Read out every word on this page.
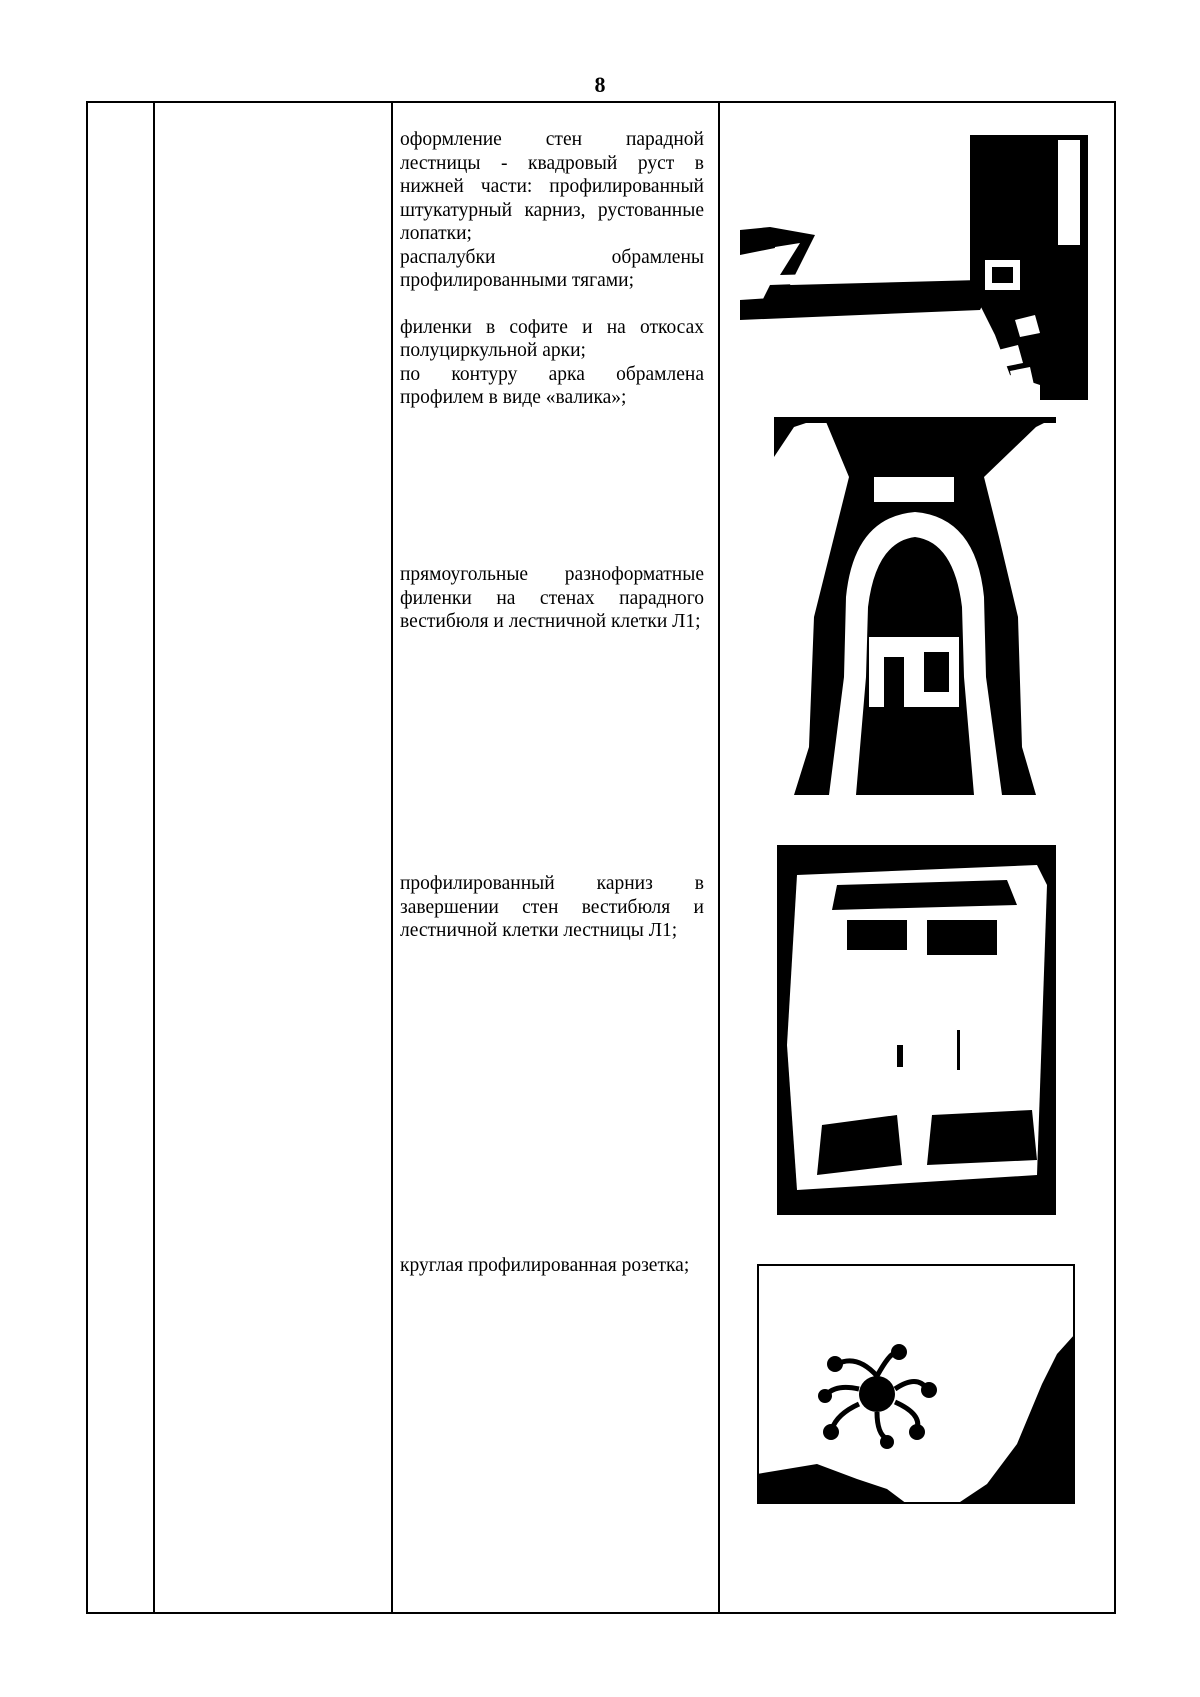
8

оформление стен парадной лестницы - квадровый руст в нижней части: профилированный штукатурный карниз, рустованные лопатки;

распалубки обрамлены профилированными тягами;

филенки в софите и на откосах полуциркульной арки;

по контуру арка обрамлена профилем в виде «валика»;

прямоугольные разноформатные филенки на стенах парадного вестибюля и лестничной клетки Л1;

профилированный карниз в завершении стен вестибюля и лестничной клетки лестницы Л1;

круглая профилированная розетка;
